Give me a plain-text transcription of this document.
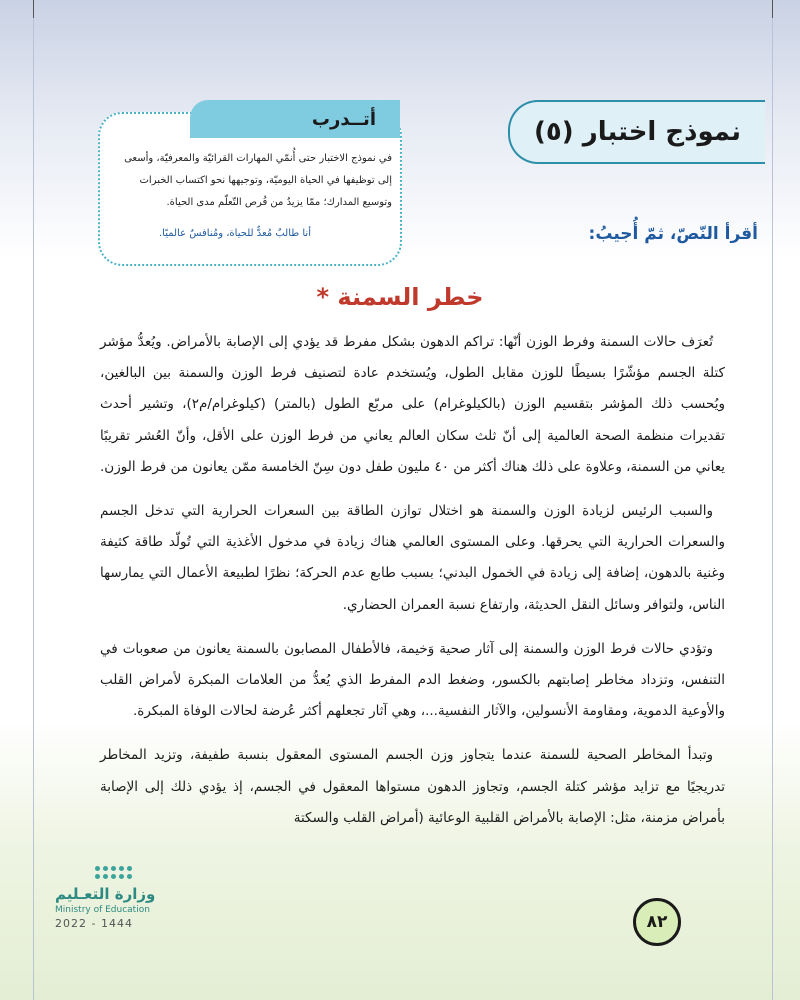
نموذج اختبار (٥)
أتــدرب
في نموذج الاختبار حتى أُنمّي المهارات القرائيّة والمعرفيّة، وأسعى إلى توظيفها في الحياة اليوميّة، وتوجيهها نحو اكتساب الخبرات وتوسيع المدارك؛ ممّا يزيدُ من فُرص التّعلّم مدى الحياة.
أنا طالبٌ مُعدٌّ للحياة، ومُنافسٌ عالميًا.	أقرأ النّصّ، ثمّ أُجيبُ:
خطر السمنة *

تُعرَف حالات السمنة وفرط الوزن أنّها: تراكم الدهون بشكل مفرط قد يؤدي إلى الإصابة بالأمراض. ويُعدُّ مؤشر كتلة الجسم مؤشّرًا بسيطًا للوزن مقابل الطول، ويُستخدم عادة لتصنيف فرط الوزن والسمنة بين البالغين، ويُحسب ذلك المؤشر بتقسيم الوزن (بالكيلوغرام) على مربّع الطول (بالمتر) (كيلوغرام/م٢)، وتشير أحدث تقديرات منظمة الصحة العالمية إلى أنّ ثلث سكان العالم يعاني من فرط الوزن على الأقل، وأنّ العُشر تقريبًا يعاني من السمنة، وعلاوة على ذلك هناك أكثر من ٤٠ مليون طفل دون سِنّ الخامسة ممّن يعانون من فرط الوزن.

والسبب الرئيس لزيادة الوزن والسمنة هو اختلال توازن الطاقة بين السعرات الحرارية التي تدخل الجسم والسعرات الحرارية التي يحرقها. وعلى المستوى العالمي هناك زيادة في مدخول الأغذية التي تُولّد طاقة كثيفة وغنية بالدهون، إضافة إلى زيادة في الخمول البدني؛ بسبب طابع عدم الحركة؛ نظرًا لطبيعة الأعمال التي يمارسها الناس، ولتوافر وسائل النقل الحديثة، وارتفاع نسبة العمران الحضاري.

وتؤدي حالات فرط الوزن والسمنة إلى آثار صحية وَخيمة، فالأطفال المصابون بالسمنة يعانون من صعوبات في التنفس، وتزداد مخاطر إصابتهم بالكسور، وضغط الدم المفرط الذي يُعدُّ من العلامات المبكرة لأمراض القلب والأوعية الدموية، ومقاومة الأنسولين، والآثار النفسية...، وهي آثار تجعلهم أكثر عُرضة لحالات الوفاة المبكرة.

وتبدأ المخاطر الصحية للسمنة عندما يتجاوز وزن الجسم المستوى المعقول بنسبة طفيفة، وتزيد المخاطر تدريجيًا مع تزايد مؤشر كتلة الجسم، وتجاوز الدهون مستواها المعقول في الجسم، إذ يؤدي ذلك إلى الإصابة بأمراض مزمنة، مثل: الإصابة بالأمراض القلبية الوعائية (أمراض القلب والسكتة

٨٢
وزارة التعـليم
Ministry of Education
2022 - 1444
